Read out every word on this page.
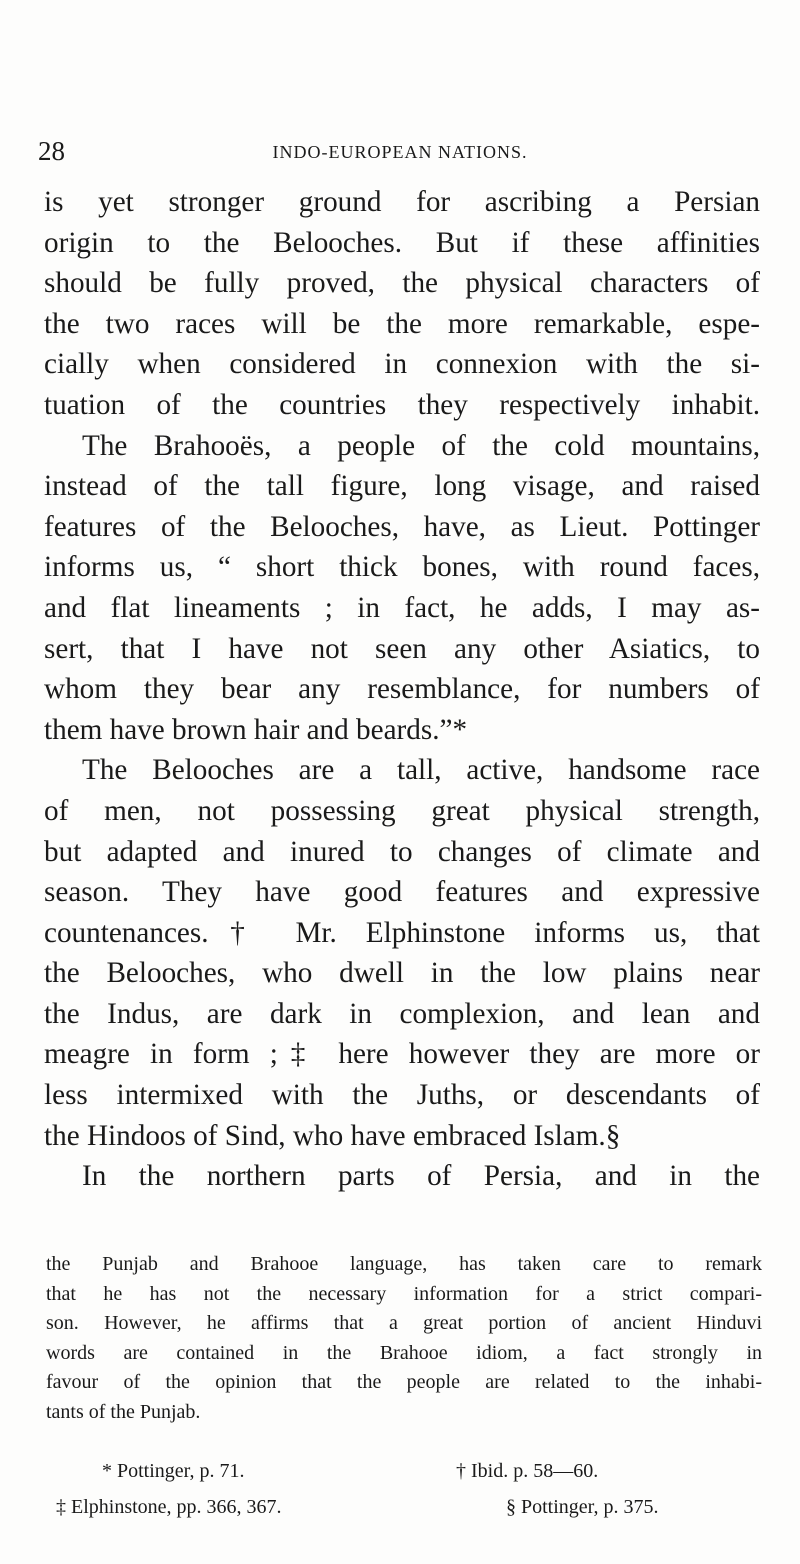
28	INDO-EUROPEAN NATIONS.
is yet stronger ground for ascribing a Persian
origin to the Belooches. But if these affinities
should be fully proved, the physical characters of
the two races will be the more remarkable, espe-
cially when considered in connexion with the si-
tuation of the countries they respectively inhabit.
The Brahooës, a people of the cold mountains,
instead of the tall figure, long visage, and raised
features of the Belooches, have, as Lieut. Pottinger
informs us, “ short thick bones, with round faces,
and flat lineaments ; in fact, he adds, I may as-
sert, that I have not seen any other Asiatics, to
whom they bear any resemblance, for numbers of
them have brown hair and beards.”*
The Belooches are a tall, active, handsome race
of men, not possessing great physical strength,
but adapted and inured to changes of climate and
season. They have good features and expressive
countenances.† Mr. Elphinstone informs us, that
the Belooches, who dwell in the low plains near
the Indus, are dark in complexion, and lean and
meagre in form ;‡ here however they are more or
less intermixed with the Juths, or descendants of
the Hindoos of Sind, who have embraced Islam.§
In the northern parts of Persia, and in the
the Punjab and Brahooe language, has taken care to remark
that he has not the necessary information for a strict compari-
son. However, he affirms that a great portion of ancient Hinduvi
words are contained in the Brahooe idiom, a fact strongly in
favour of the opinion that the people are related to the inhabi-
tants of the Punjab.
* Pottinger, p. 71.	† Ibid. p. 58—60.
‡ Elphinstone, pp. 366, 367.	§ Pottinger, p. 375.
